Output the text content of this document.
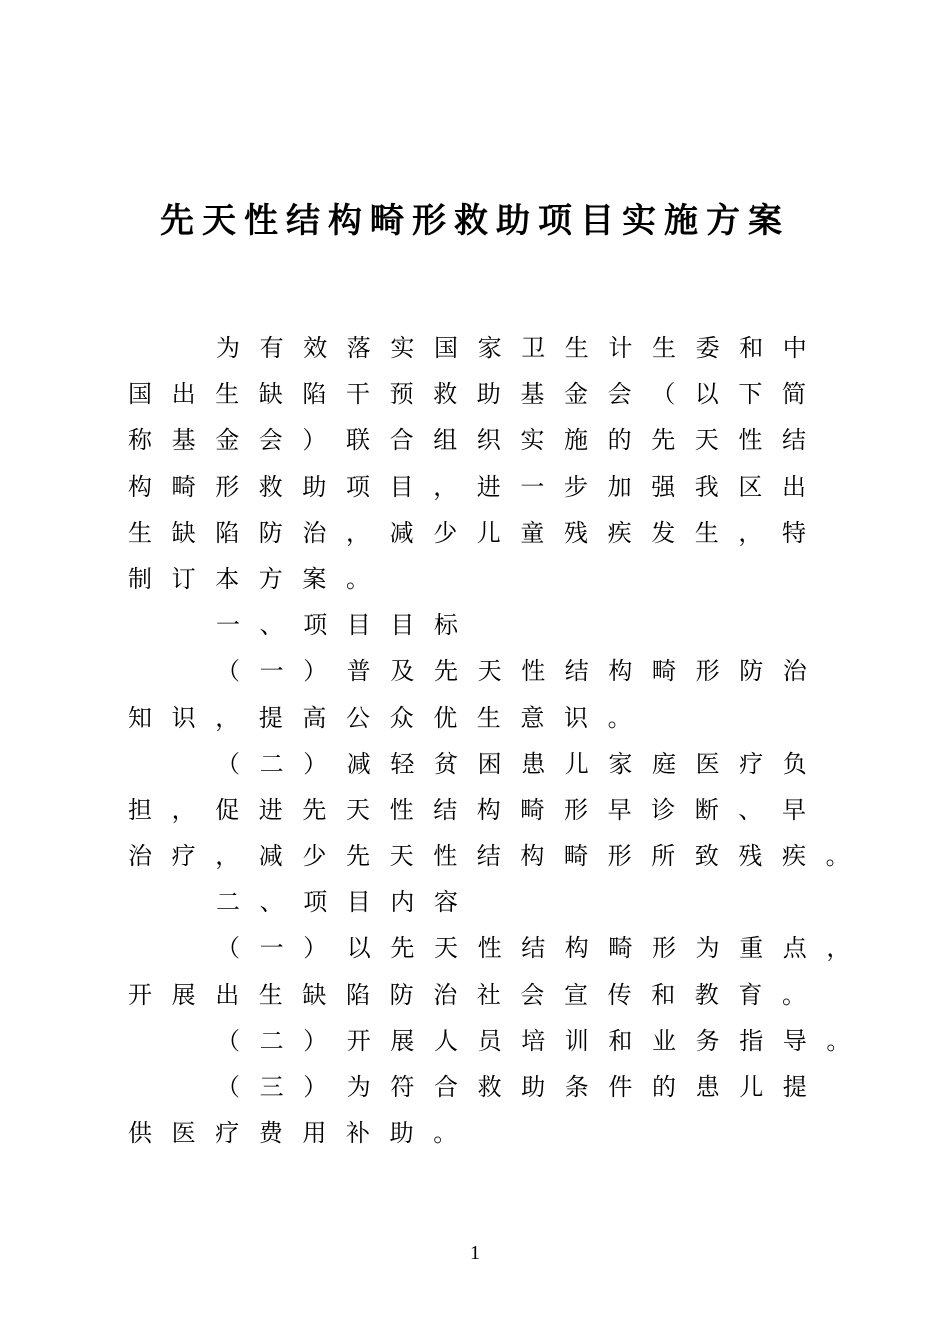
先天性结构畸形救助项目实施方案
为有效落实国家卫生计生委和中
国出生缺陷干预救助基金会（以下简
称基金会）联合组织实施的先天性结
构畸形救助项目，进一步加强我区出
生缺陷防治，减少儿童残疾发生，特
制订本方案。
一、项目目标
（一）普及先天性结构畸形防治
知识，提高公众优生意识。
（二）减轻贫困患儿家庭医疗负
担，促进先天性结构畸形早诊断、早
治疗，减少先天性结构畸形所致残疾。
二、项目内容
（一）以先天性结构畸形为重点，
开展出生缺陷防治社会宣传和教育。
（二）开展人员培训和业务指导。
（三）为符合救助条件的患儿提
供医疗费用补助。
1
